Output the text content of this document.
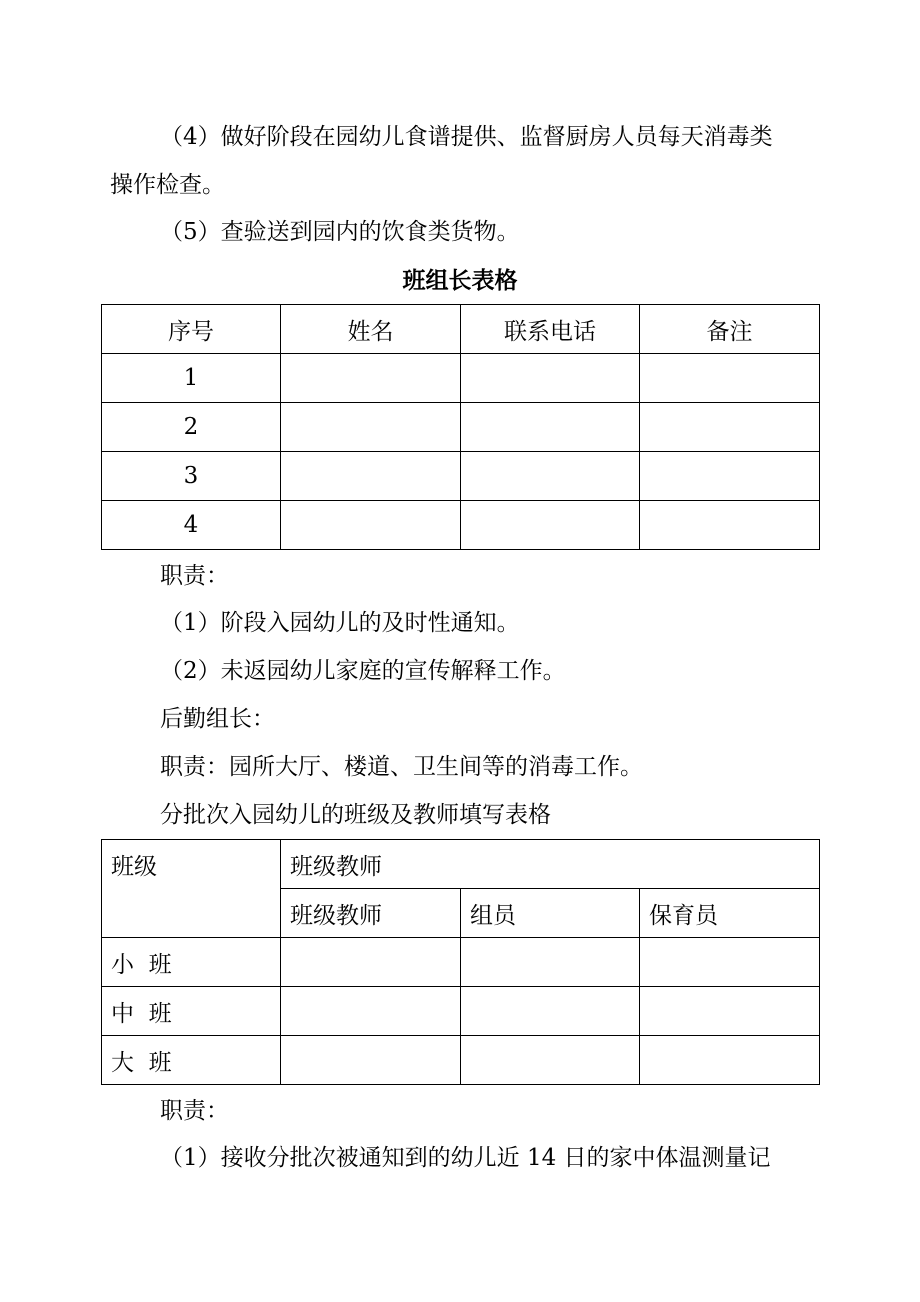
（4）做好阶段在园幼儿食谱提供、监督厨房人员每天消毒类
操作检查。
（5）查验送到园内的饮食类货物。
班组长表格
序号	姓名	联系电话	备注
1			
2			
3			
4			
职责：
（1）阶段入园幼儿的及时性通知。
（2）未返园幼儿家庭的宣传解释工作。
后勤组长：
职责：园所大厅、楼道、卫生间等的消毒工作。
分批次入园幼儿的班级及教师填写表格
班级	班级教师		
	班级教师	组员	保育员
小  班			
中  班			
大  班			
职责：
（1）接收分批次被通知到的幼儿近 14 日的家中体温测量记
